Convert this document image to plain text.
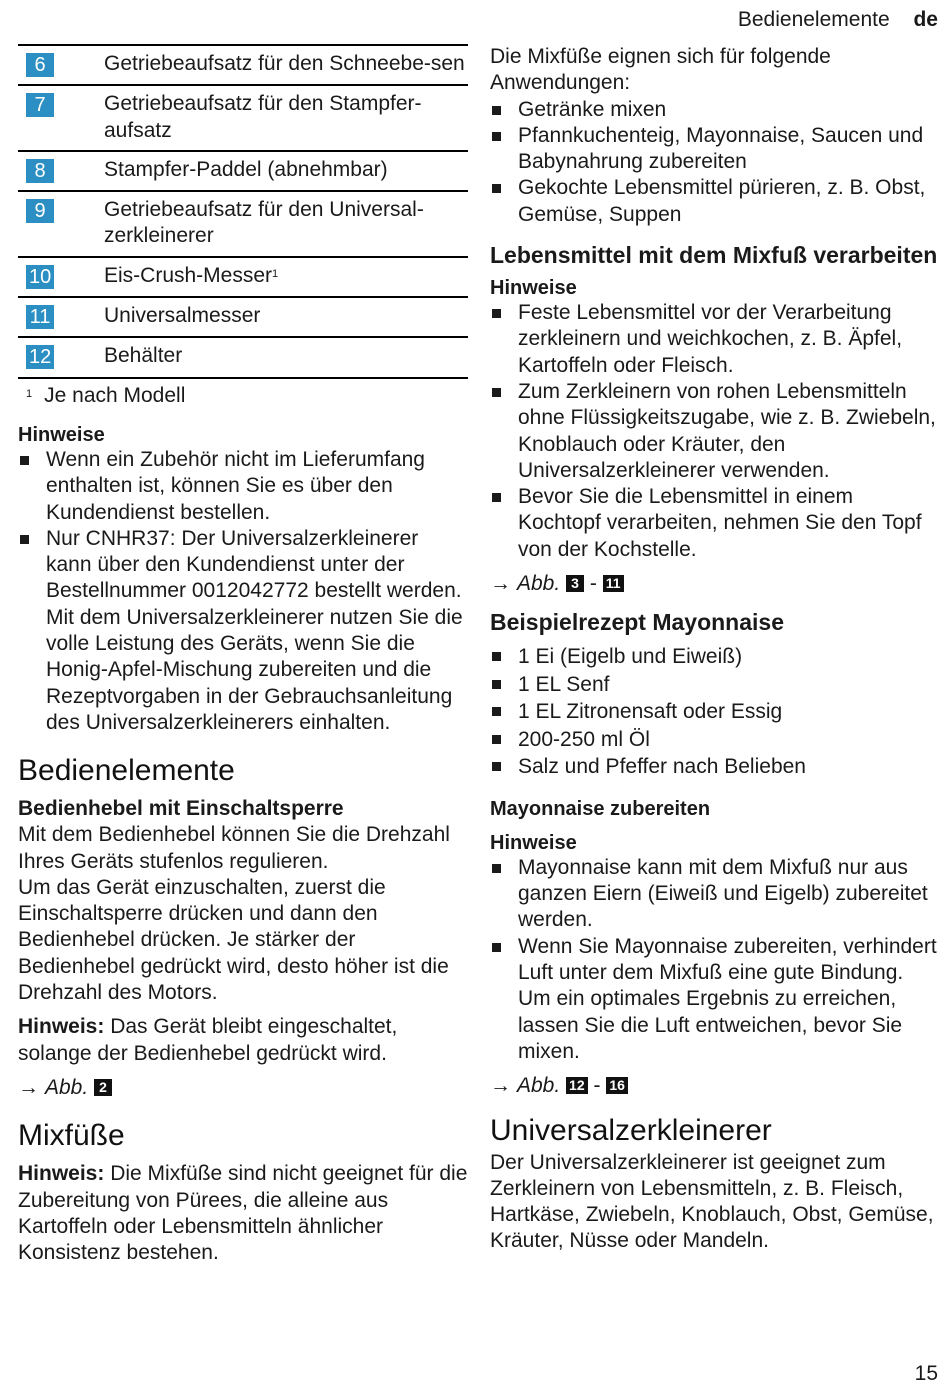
Bedienelemente de
6	Getriebeaufsatz für den Schneebe-sen
7	Getriebeaufsatz für den Stampfer-aufsatz
8	Stampfer-Paddel (abnehmbar)
9	Getriebeaufsatz für den Universal-zerkleinerer
10	Eis-Crush-Messer$^1$
11	Universalmesser
12	Behälter
$^1$ Je nach Modell
Hinweise
Wenn ein Zubehör nicht im Lieferumfang enthalten ist, können Sie es über den Kundendienst bestellen.
Nur CNHR37: Der Universalzerkleinerer kann über den Kundendienst unter der Bestellnummer 0012042772 bestellt werden. Mit dem Universalzerkleinerer nutzen Sie die volle Leistung des Geräts, wenn Sie die Honig-Apfel-Mischung zubereiten und die Rezeptvorgaben in der Gebrauchsanleitung des Universalzerkleinerers einhalten.
Bedienelemente
Bedienhebel mit Einschaltsperre

Mit dem Bedienhebel können Sie die Drehzahl Ihres Geräts stufenlos regulieren.

Um das Gerät einzuschalten, zuerst die Einschaltsperre drücken und dann den Bedienhebel drücken. Je stärker der Bedienhebel gedrückt wird, desto höher ist die Drehzahl des Motors.

Hinweis: Das Gerät bleibt eingeschaltet, solange der Bedienhebel gedrückt wird.

→ Abb. 2
Mixfüße

Hinweis: Die Mixfüße sind nicht geeignet für die Zubereitung von Pürees, die alleine aus Kartoffeln oder Lebensmitteln ähnlicher Konsistenz bestehen.

Die Mixfüße eignen sich für folgende Anwendungen:

Getränke mixen
Pfannkuchenteig, Mayonnaise, Saucen und Babynahrung zubereiten
Gekochte Lebensmittel pürieren, z. B. Obst, Gemüse, Suppen
Lebensmittel mit dem Mixfuß verarbeiten
Hinweise
Feste Lebensmittel vor der Verarbeitung zerkleinern und weichkochen, z. B. Äpfel, Kartoffeln oder Fleisch.
Zum Zerkleinern von rohen Lebensmitteln ohne Flüssigkeitszugabe, wie z. B. Zwiebeln, Knoblauch oder Kräuter, den Universalzerkleinerer verwenden.
Bevor Sie die Lebensmittel in einem Kochtopf verarbeiten, nehmen Sie den Topf von der Kochstelle.
→ Abb. 3 - 11
Beispielrezept Mayonnaise
1 Ei (Eigelb und Eiweiß)
1 EL Senf
1 EL Zitronensaft oder Essig
200-250 ml Öl
Salz und Pfeffer nach Belieben
Mayonnaise zubereiten
Hinweise
Mayonnaise kann mit dem Mixfuß nur aus ganzen Eiern (Eiweiß und Eigelb) zubereitet werden.
Wenn Sie Mayonnaise zubereiten, verhindert Luft unter dem Mixfuß eine gute Bindung. Um ein optimales Ergebnis zu erreichen, lassen Sie die Luft entweichen, bevor Sie mixen.
→ Abb. 12 - 16
Universalzerkleinerer

Der Universalzerkleinerer ist geeignet zum Zerkleinern von Lebensmitteln, z. B. Fleisch, Hartkäse, Zwiebeln, Knoblauch, Obst, Gemüse, Kräuter, Nüsse oder Mandeln.

15
